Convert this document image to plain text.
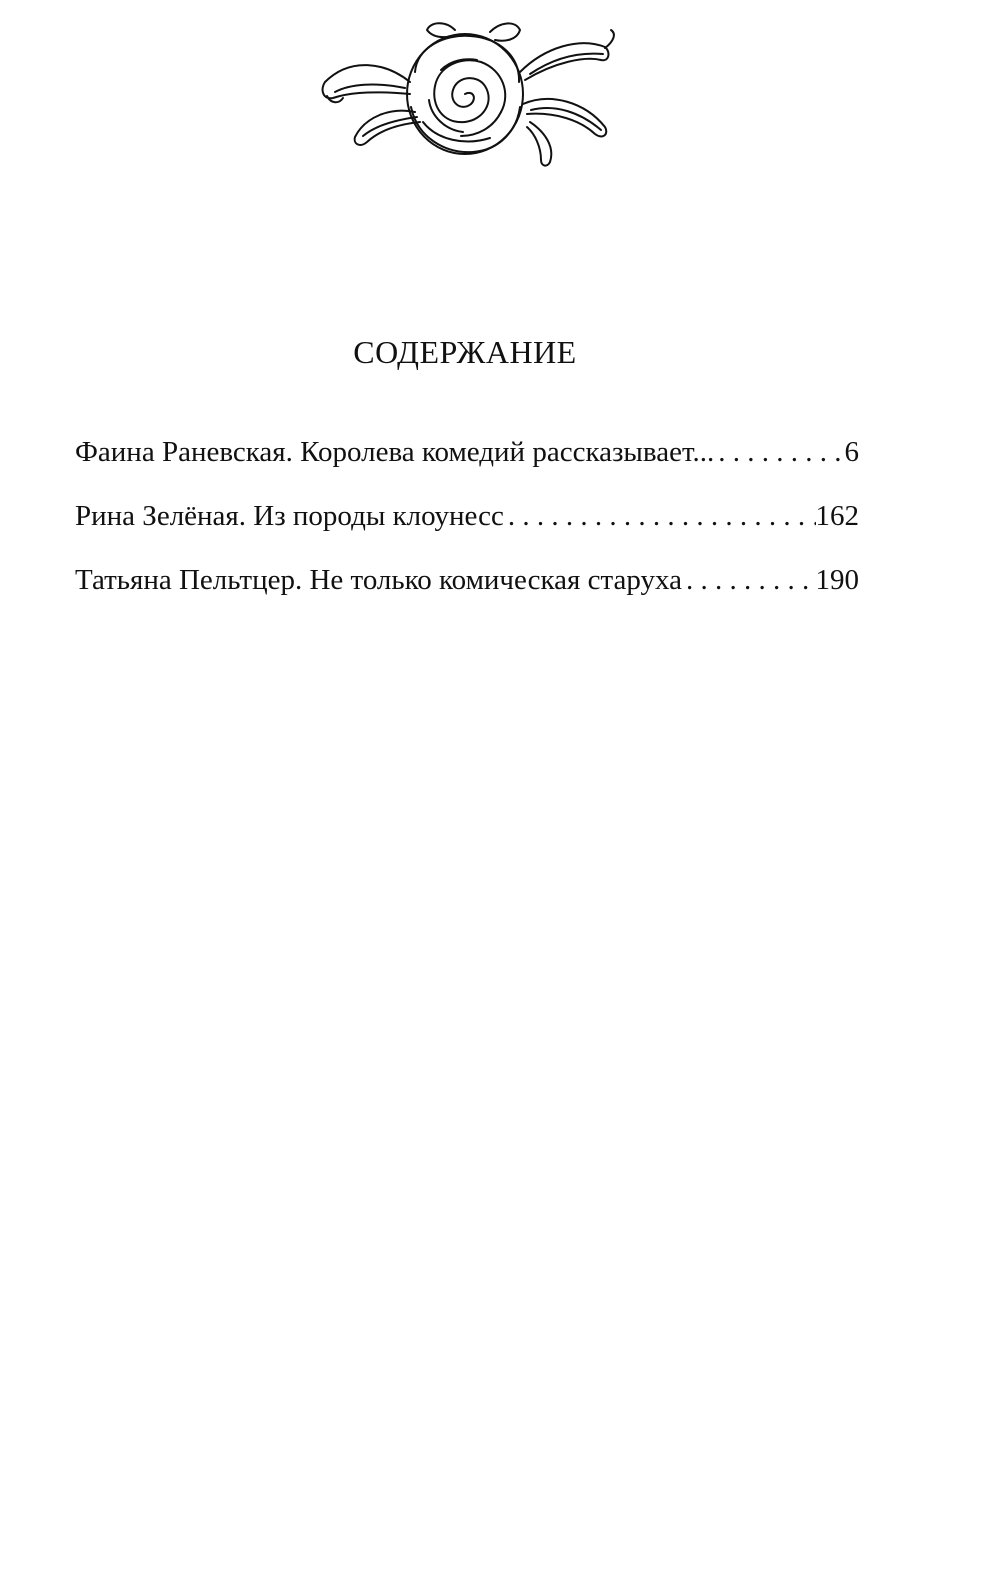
СОДЕРЖАНИЕ
Фаина Раневская. Королева комедий рассказывает... . . .	6
Рина Зелёная. Из породы клоунесс . . .	162
Татьяна Пельтцер. Не только комическая старуха . . .	190
